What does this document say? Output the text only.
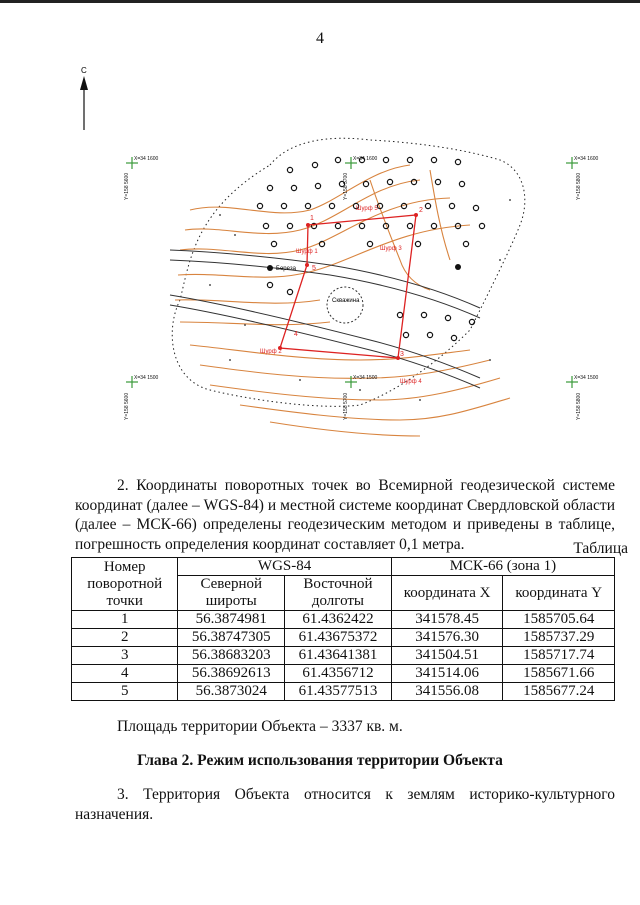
4
С
Скважина
Береза
1
2
3
4
5
Шурф 1
Шурф 2
Шурф 3
Шурф 4
Шурф 5
X=34 1600
Y=158 5600
X=34 1600
Y=158 5700
X=34 1600
Y=158 5800
X=34 1500
Y=158 5600
X=34 1500
Y=158 5700
X=34 1500
Y=158 5800
2. Координаты поворотных точек во Всемирной геодезической системе координат (далее – WGS-84) и местной системе координат Свердловской области (далее – МСК-66) определены геодезическим методом и приведены в таблице, погрешность определения координат составляет 0,1 метра.	Таблица
Номер поворотной точки	WGS-84		МСК-66 (зона 1)	
	Северной широты	Восточной долготы	координата X	координата Y
1	56.3874981	61.4362422	341578.45	1585705.64
2	56.38747305	61.43675372	341576.30	1585737.29
3	56.38683203	61.43641381	341504.51	1585717.74
4	56.38692613	61.4356712	341514.06	1585671.66
5	56.3873024	61.43577513	341556.08	1585677.24
Площадь территории Объекта – 3337 кв. м.
Глава 2. Режим использования территории Объекта
3. Территория Объекта относится к землям историко-культурного назначения.
